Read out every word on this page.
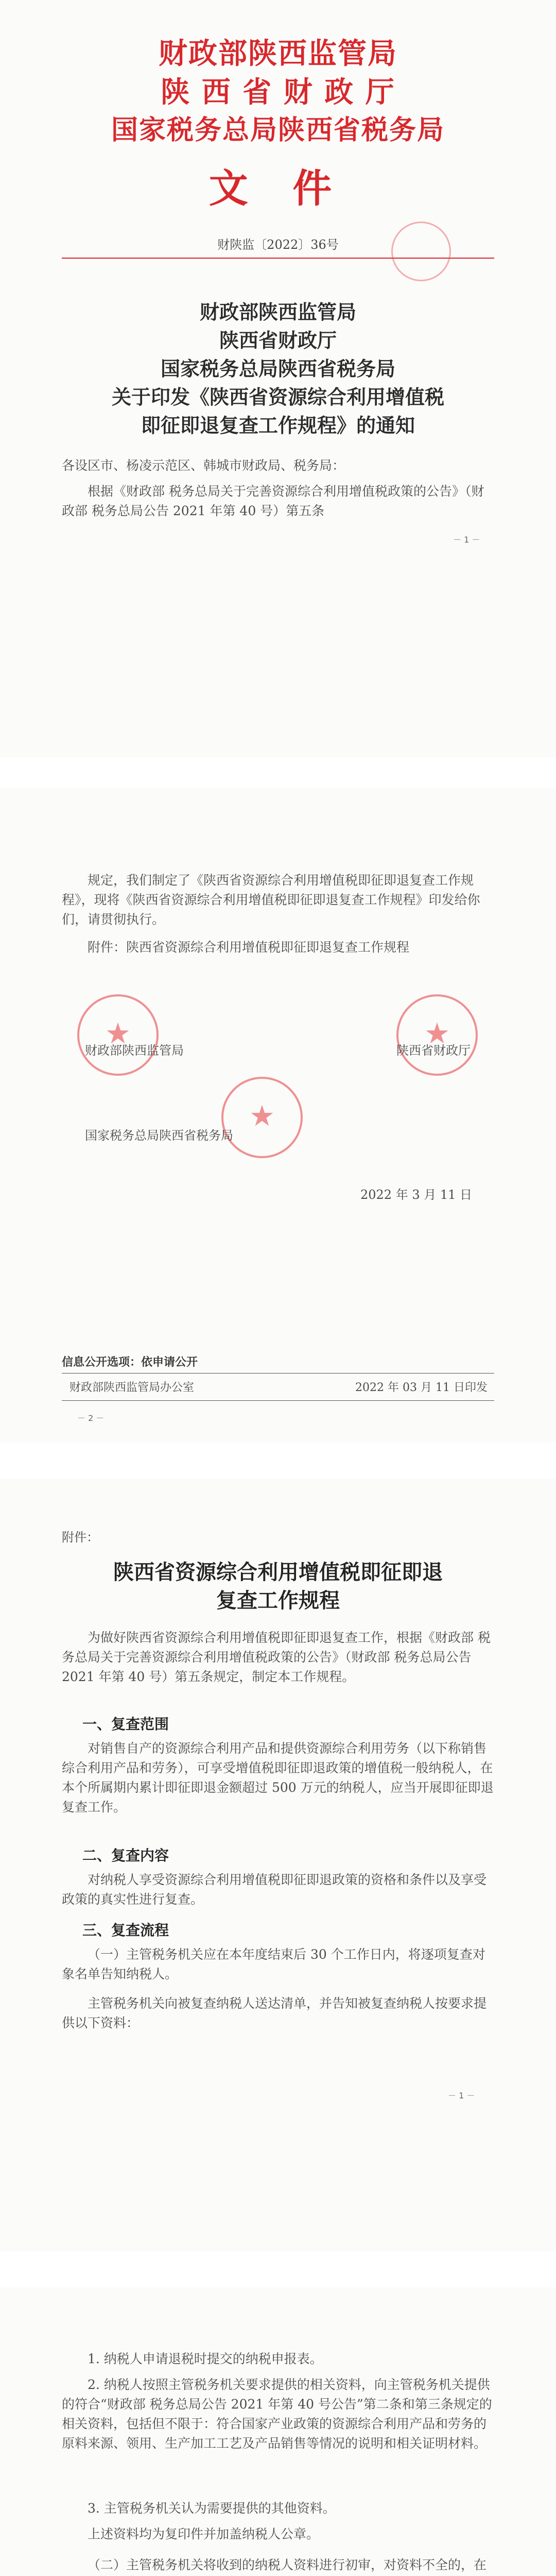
财政部陕西监管局
陕 西 省 财 政 厅
国家税务总局陕西省税务局
文 件
财陕监〔2022〕36号
财政部陕西监管局
陕西省财政厅
国家税务总局陕西省税务局
关于印发《陕西省资源综合利用增值税
即征即退复查工作规程》的通知
各设区市、杨凌示范区、韩城市财政局、税务局：
根据《财政部 税务总局关于完善资源综合利用增值税政策的公告》（财政部 税务总局公告 2021 年第 40 号）第五条
－ 1 －
规定，我们制定了《陕西省资源综合利用增值税即征即退复查工作规程》，现将《陕西省资源综合利用增值税即征即退复查工作规程》印发给你们，请贯彻执行。
附件：陕西省资源综合利用增值税即征即退复查工作规程
★
★
★
财政部陕西监管局	陕西省财政厅
国家税务总局陕西省税务局
2022 年 3 月 11 日
信息公开选项：依申请公开
财政部陕西监管局办公室	2022 年 03 月 11 日印发
－ 2 －
附件：
陕西省资源综合利用增值税即征即退
复查工作规程
为做好陕西省资源综合利用增值税即征即退复查工作，根据《财政部 税务总局关于完善资源综合利用增值税政策的公告》（财政部 税务总局公告 2021 年第 40 号）第五条规定，制定本工作规程。
一、复查范围
对销售自产的资源综合利用产品和提供资源综合利用劳务（以下称销售综合利用产品和劳务），可享受增值税即征即退政策的增值税一般纳税人，在本个所属期内累计即征即退金额超过 500 万元的纳税人，应当开展即征即退复查工作。
二、复查内容
对纳税人享受资源综合利用增值税即征即退政策的资格和条件以及享受政策的真实性进行复查。
三、复查流程
（一）主管税务机关应在本年度结束后 30 个工作日内，将逐项复查对象名单告知纳税人。
主管税务机关向被复查纳税人送达清单，并告知被复查纳税人按要求提供以下资料：
－ 1 －
1. 纳税人申请退税时提交的纳税申报表。
2. 纳税人按照主管税务机关要求提供的相关资料，向主管税务机关提供的符合“财政部 税务总局公告 2021 年第 40 号公告”第二条和第三条规定的相关资料，包括但不限于：符合国家产业政策的资源综合利用产品和劳务的原料来源、领用、生产加工工艺及产品销售等情况的说明和相关证明材料。
3. 主管税务机关认为需要提供的其他资料。
上述资料均为复印件并加盖纳税人公章。
（二）主管税务机关将收到的纳税人资料进行初审，对资料不全的，在
